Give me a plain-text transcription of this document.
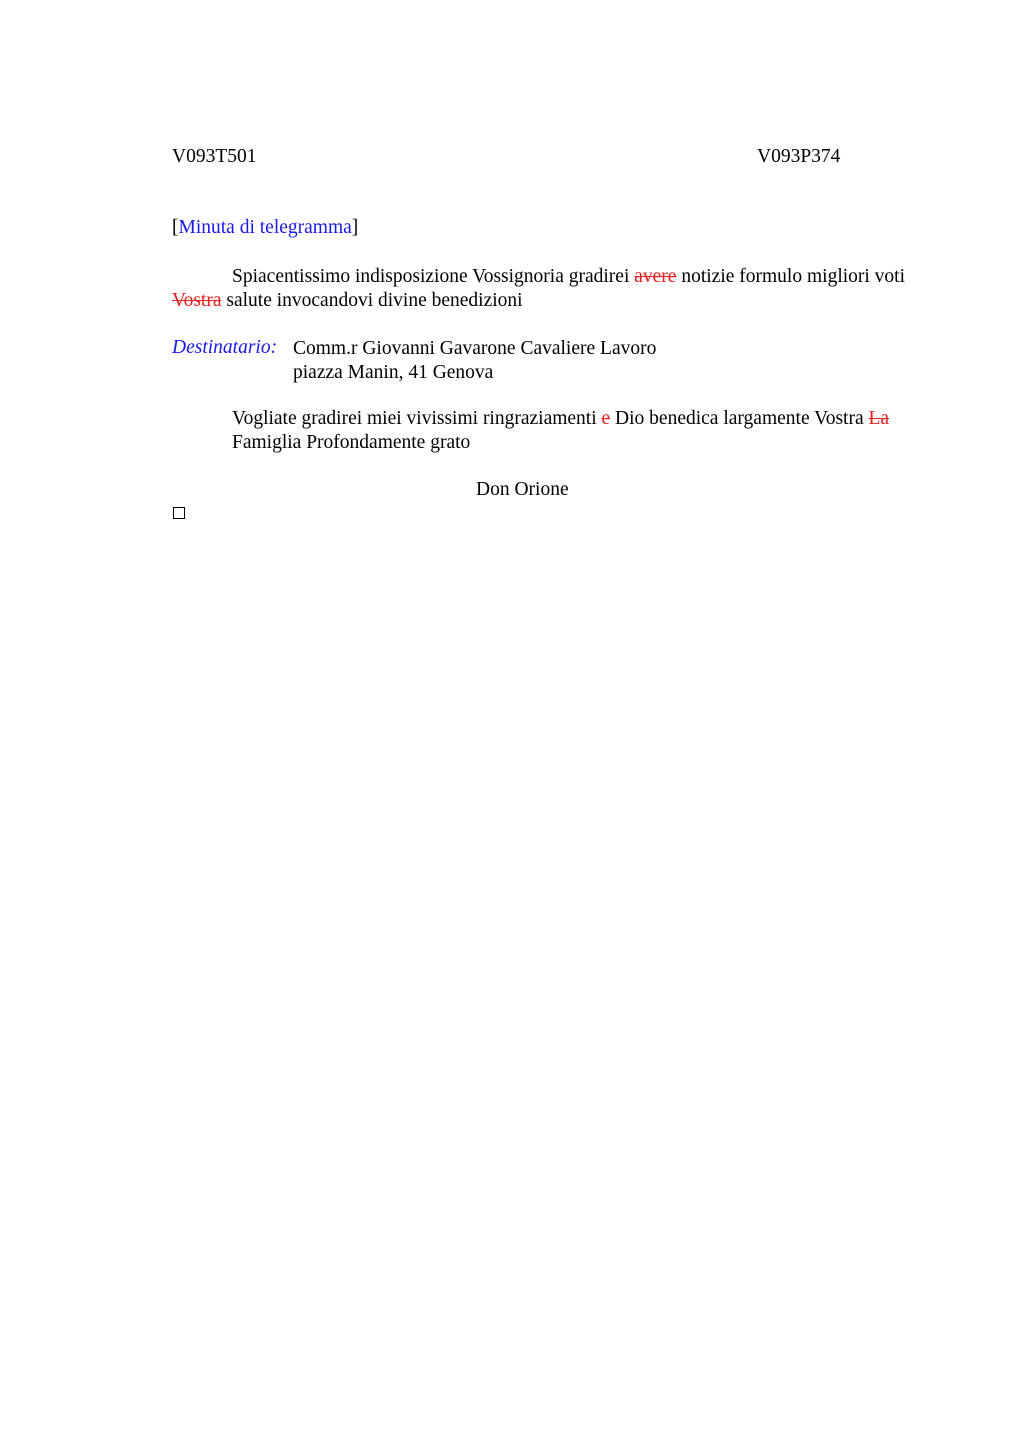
V093T501	V093P374
[Minuta di telegramma]
Spiacentissimo indisposizione Vossignoria gradirei avere notizie formulo migliori voti Vostra salute invocandovi divine benedizioni
Destinatario: Comm.r Giovanni Gavarone Cavaliere Lavoro
piazza Manin, 41 Genova
Vogliate gradirei miei vivissimi ringraziamenti e Dio benedica largamente Vostra La Famiglia Profondamente grato
Don Orione
